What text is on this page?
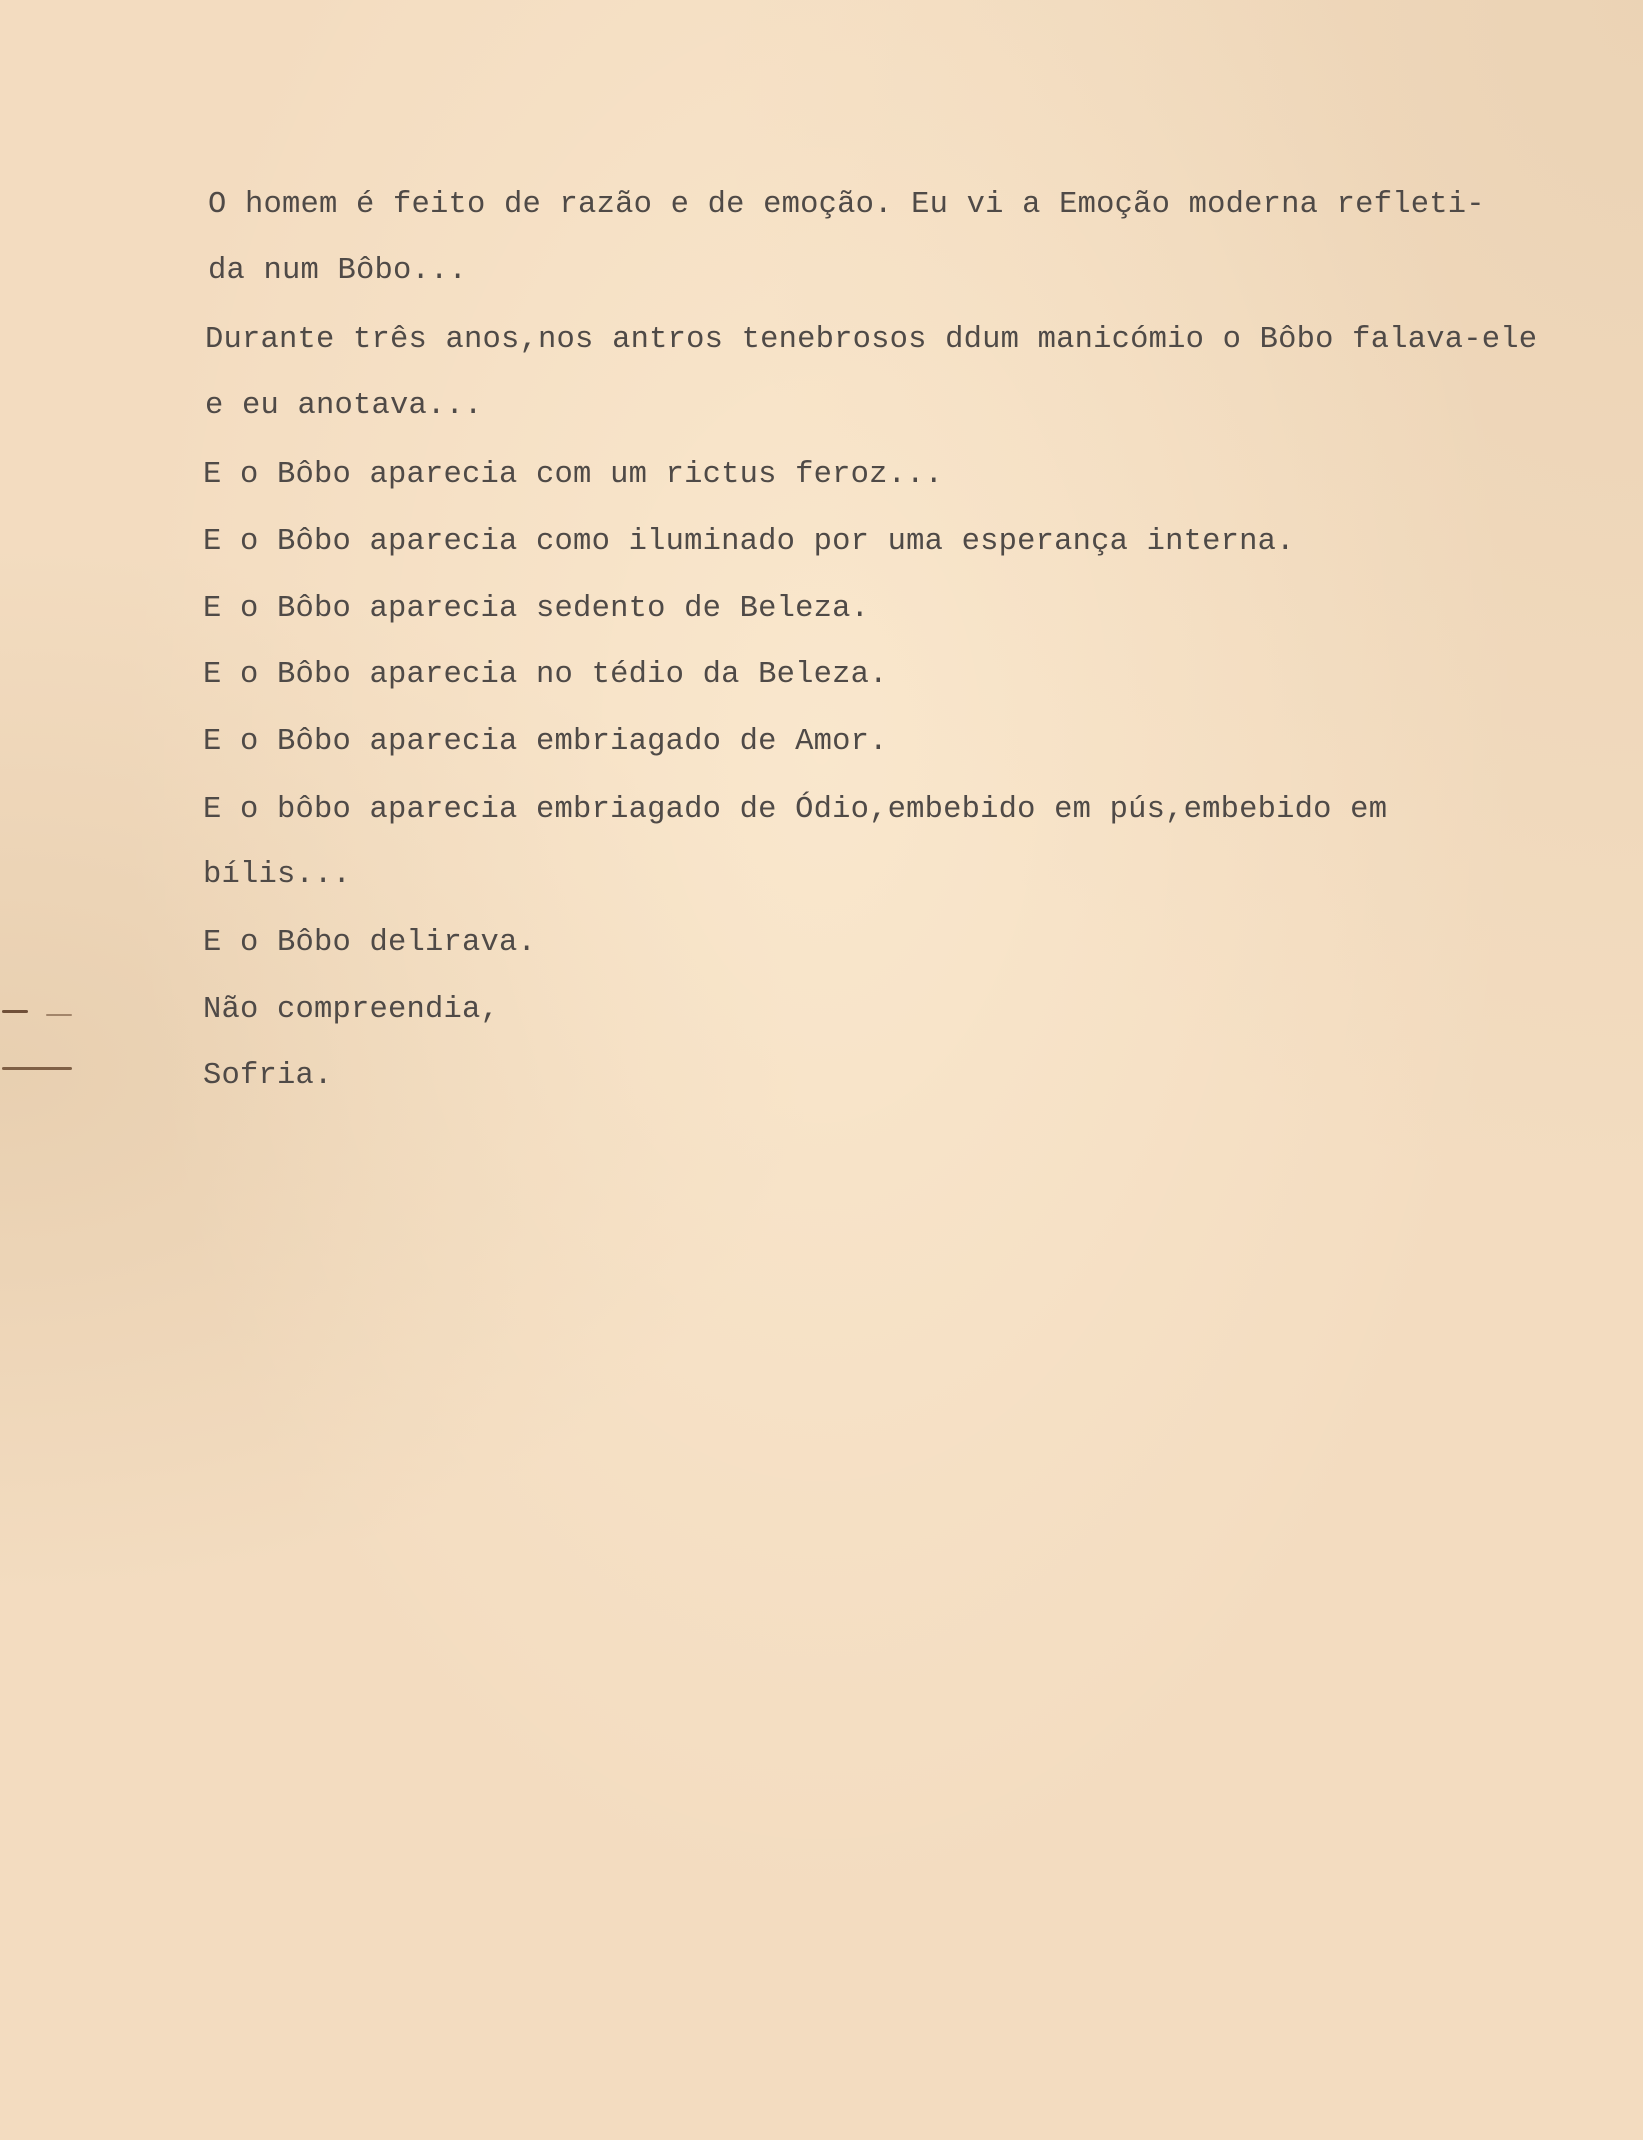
O homem é feito de razão e de emoção. Eu vi a Emoção moderna refleti-

da num Bôbo...

Durante três anos,nos antros tenebrosos ddum manicómio o Bôbo falava-ele

e eu anotava...

E o Bôbo aparecia com um rictus feroz...

E o Bôbo aparecia como iluminado por uma esperança interna.

E o Bôbo aparecia sedento de Beleza.

E o Bôbo aparecia no tédio da Beleza.

E o Bôbo aparecia embriagado de Amor.

E o bôbo aparecia embriagado de Ódio,embebido em pús,embebido em

bílis...

E o Bôbo delirava.

Não compreendia,

Sofria.
